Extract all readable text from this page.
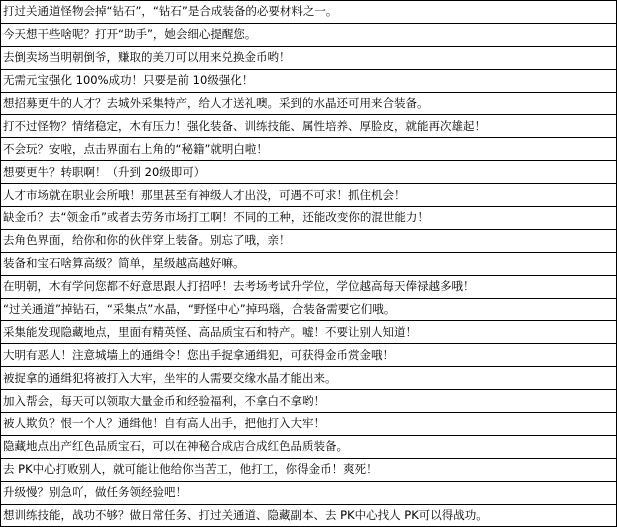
打过关通道怪物会掉“钻石”，“钻石”是合成装备的必要材料之一。
今天想干些啥呢？打开“助手”，她会细心提醒您。
去倒卖场当明朝倒爷，赚取的美刀可以用来兑换金币哟！
无需元宝强化 100%成功！只要是前 10级强化！
想招募更牛的人才？去城外采集特产，给人才送礼噢。采到的水晶还可用来合装备。
打不过怪物？情绪稳定，木有压力！强化装备、训练技能、属性培养、厚脸皮，就能再次雄起！
不会玩？安啦，点击界面右上角的“秘籍”就明白啦！
想要更牛？转职啊！（升到 20级即可）
人才市场就在职业会所哦！那里甚至有神级人才出没，可遇不可求！抓住机会！
缺金币？去“领金币”或者去劳务市场打工啊！不同的工种，还能改变你的混世能力！
去角色界面，给你和你的伙伴穿上装备。别忘了哦，亲！
装备和宝石啥算高级？简单，星级越高越好嘛。
在明朝，木有学问您都不好意思跟人打招呼！去考场考试升学位，学位越高每天俸禄越多哦！
“过关通道”掉钻石，“采集点”水晶，“野怪中心”掉玛瑙，合装备需要它们哦。
采集能发现隐藏地点，里面有精英怪、高品质宝石和特产。嘘！不要让别人知道！
大明有恶人！注意城墙上的通缉令！您出手捉拿通缉犯，可获得金币赏金哦！
被捉拿的通缉犯将被打入大牢，坐牢的人需要交缘水晶才能出来。
加入帮会，每天可以领取大量金币和经验福利，不拿白不拿哟！
被人欺负？恨一个人？通缉他！自有高人出手，把他打入大牢！
隐藏地点出产红色品质宝石，可以在神秘合成店合成红色品质装备。
去 PK中心打败别人，就可能让他给你当苦工，他打工，你得金币！爽死！
升级慢？别急吖，做任务领经验吧！
想训练技能，战功不够？做日常任务、打过关通道、隐藏副本、去 PK中心找人 PK可以得战功。
